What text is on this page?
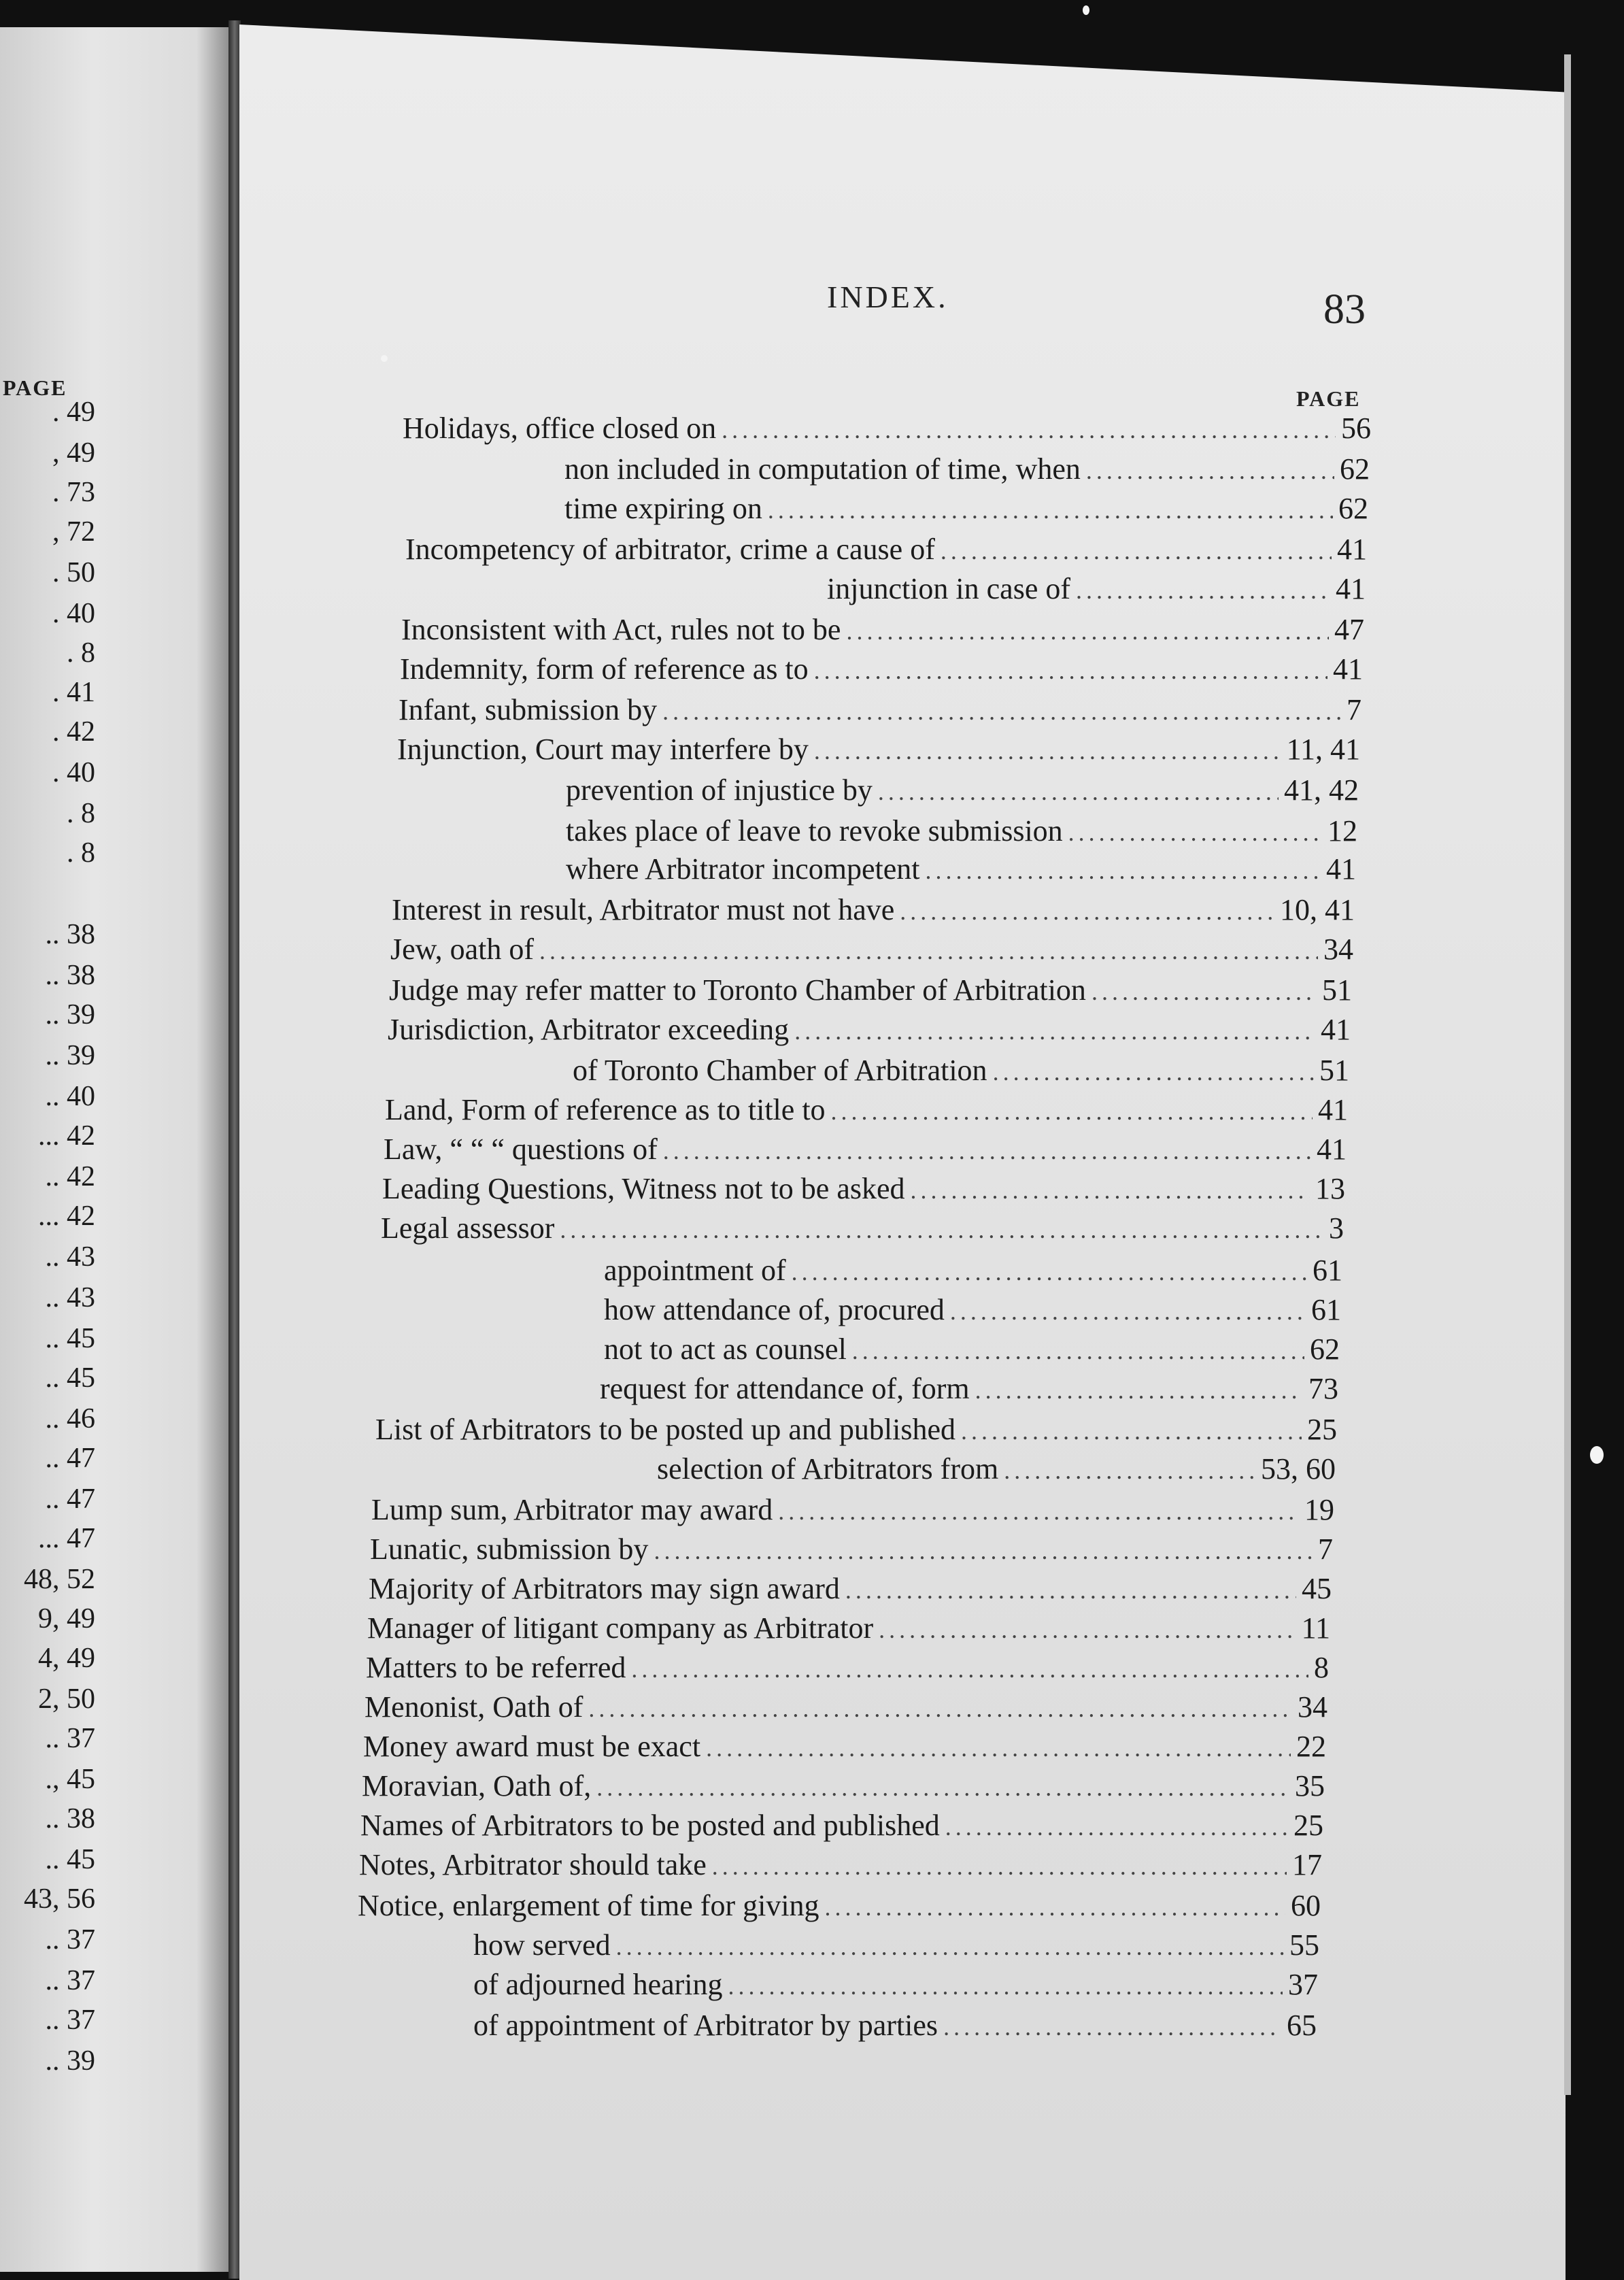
PAGE
. 49
, 49
. 73
, 72
. 50
. 40
. 8
. 41
. 42
. 40
. 8
. 8
.. 38
.. 38
.. 39
.. 39
.. 40
... 42
.. 42
... 42
.. 43
.. 43
.. 45
.. 45
.. 46
.. 47
.. 47
... 47
48, 52
9, 49
4, 49
2, 50
.. 37
., 45
.. 38
.. 45
43, 56
.. 37
.. 37
.. 37
.. 39
INDEX.	83
PAGE
Holidays, office closed on .....	56
non included in computation of time, when .....	62
time expiring on .....	62
Incompetency of arbitrator, crime a cause of .....	41
injunction in case of .....	41
Inconsistent with Act, rules not to be .....	47
Indemnity, form of reference as to .....	41
Infant, submission by .....	7
Injunction, Court may interfere by .....	11, 41
prevention of injustice by .....	41, 42
takes place of leave to revoke submission .....	12
where Arbitrator incompetent .....	41
Interest in result, Arbitrator must not have .....	10, 41
Jew, oath of .....	34
Judge may refer matter to Toronto Chamber of Arbitration .....	51
Jurisdiction, Arbitrator exceeding .....	41
of Toronto Chamber of Arbitration .....	51
Land, Form of reference as to title to .....	41
Law, “ “ “ questions of .....	41
Leading Questions, Witness not to be asked .....	13
Legal assessor .....	3
appointment of .....	61
how attendance of, procured .....	61
not to act as counsel .....	62
request for attendance of, form .....	73
List of Arbitrators to be posted up and published .....	25
selection of Arbitrators from .....	53, 60
Lump sum, Arbitrator may award .....	19
Lunatic, submission by .....	7
Majority of Arbitrators may sign award .....	45
Manager of litigant company as Arbitrator .....	11
Matters to be referred .....	8
Menonist, Oath of .....	34
Money award must be exact .....	22
Moravian, Oath of, .....	35
Names of Arbitrators to be posted and published .....	25
Notes, Arbitrator should take .....	17
Notice, enlargement of time for giving .....	60
how served .....	55
of adjourned hearing .....	37
of appointment of Arbitrator by parties .....	65
